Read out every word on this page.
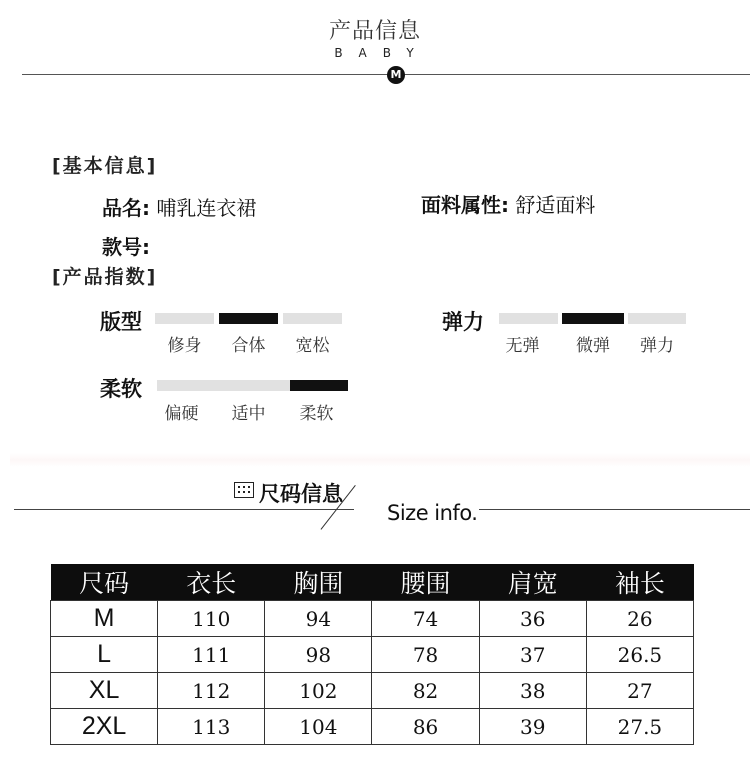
产品信息
BABY
M
[基本信息]
品名: 哺乳连衣裙	面料属性: 舒适面料
款号:
[产品指数]
版型
修身	合体	宽松
弹力
无弹	微弹	弹力
柔软
偏硬	适中	柔软
尺码信息
Size info.
尺码	衣长	胸围	腰围	肩宽	袖长
M	110	94	74	36	26
L	111	98	78	37	26.5
XL	112	102	82	38	27
2XL	113	104	86	39	27.5
